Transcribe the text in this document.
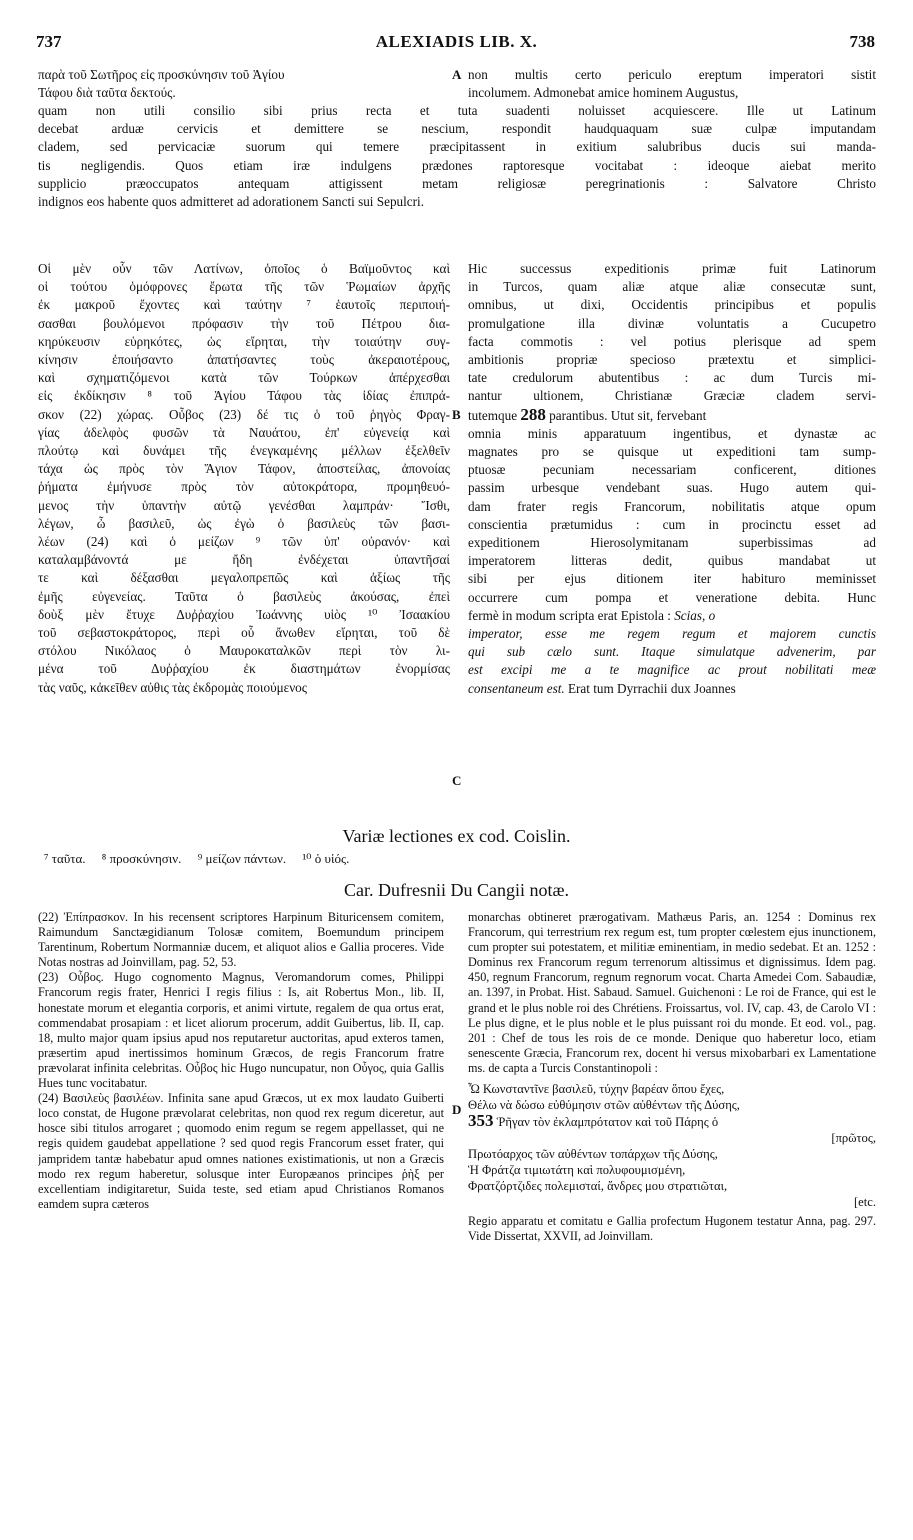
737	ALEXIADIS LIB. X.	738
παρὰ τοῦ Σωτῆρος εἰς προσκύνησιν τοῦ Ἁγίου
Τάφου διὰ ταῦτα δεκτούς.
A non multis certo periculo ereptum imperatori sistit
incolumem. Admonebat amice hominem Augustus,
quam non utili consilio sibi prius recta et tuta suadenti noluisset acquiescere. Ille ut Latinum
decebat arduæ cervicis et demittere se nescium, respondit haudquaquam suæ culpæ imputandam
cladem, sed pervicaciæ suorum qui temere præcipitassent in exitium salubribus ducis sui manda-
tis negligendis. Quos etiam iræ indulgens prædones raptoresque vocitabat : ideoque aiebat merito
supplicio præoccupatos antequam attigissent metam religiosæ peregrinationis : Salvatore Christo
indignos eos habente quos admitteret ad adorationem Sancti sui Sepulcri.
Οἱ μὲν οὖν τῶν Λατίνων, ὁποῖος ὁ Βαϊμοῦντος καὶ
οἱ τούτου ὁμόφρονες ἔρωτα τῆς τῶν Ῥωμαίων ἀρχῆς
ἐκ μακροῦ ἔχοντες καὶ ταύτην ⁷ ἑαυτοῖς περιποιή-
σασθαι βουλόμενοι πρόφασιν τὴν τοῦ Πέτρου δια-
κηρύκευσιν εὑρηκότες, ὡς εἴρηται, τὴν τοιαύτην συγ-
κίνησιν ἐποιήσαντο ἀπατήσαντες τοὺς ἀκεραιοτέρους,
καὶ σχηματιζόμενοι κατὰ τῶν Τούρκων ἀπέρχεσθαι
εἰς ἐκδίκησιν ⁸ τοῦ Ἁγίου Τάφου τὰς ἰδίας ἐπιπρά-
σκον (22) χώρας. Οὖβος (23) δέ τις ὁ τοῦ ῥηγὸς Φραγ-
γίας ἀδελφὸς φυσῶν τὰ Ναυάτου, ἐπ' εὐγενείᾳ καὶ
πλούτῳ καὶ δυνάμει τῆς ἐνεγκαμένης μέλλων ἐξελθεῖν
τάχα ὡς πρὸς τὸν Ἅγιον Τάφον, ἀποστείλας, ἀπονοίας
ῥήματα ἐμήνυσε πρὸς τὸν αὐτοκράτορα, προμηθευό-
μενος τὴν ὑπαντὴν αὐτῷ γενέσθαι λαμπράν· Ἴσθι,
λέγων, ὦ βασιλεῦ, ὡς ἐγὼ ὁ βασιλεὺς τῶν βασι-
λέων (24) καὶ ὁ μείζων ⁹ τῶν ὑπ' οὐρανόν· καὶ
καταλαμβάνοντά με ἤδη ἐνδέχεται ὑπαντῆσαί
τε καὶ δέξασθαι μεγαλοπρεπῶς καὶ ἀξίως τῆς
ἐμῆς εὐγενείας. Ταῦτα ὁ βασιλεὺς ἀκούσας, ἐπεὶ
δοὺξ μὲν ἔτυχε Δυῤῥαχίου Ἰωάννης υἱὸς ¹⁰ Ἰσαακίου
τοῦ σεβαστοκράτορος, περὶ οὗ ἄνωθεν εἴρηται, τοῦ δὲ
στόλου Νικόλαος ὁ Μαυροκαταλκῶν περὶ τὸν λι-
μένα τοῦ Δυῤῥαχίου ἐκ διαστημάτων ἐνορμίσας
τὰς ναῦς, κἀκεῖθεν αὐθις τὰς ἐκδρομὰς ποιούμενος
B
C
Hic successus expeditionis primæ fuit Latinorum
in Turcos, quam aliæ atque aliæ consecutæ sunt,
omnibus, ut dixi, Occidentis principibus et populis
promulgatione illa divinæ voluntatis a Cucupetro
facta commotis : vel potius plerisque ad spem
ambitionis propriæ specioso prætextu et simplici-
tate credulorum abutentibus : ac dum Turcis mi-
nantur ultionem, Christianæ Græciæ cladem servi-
tutemque 288 parantibus. Utut sit, fervebant
omnia minis apparatuum ingentibus, et dynastæ ac
magnates pro se quisque ut expeditioni tam sump-
ptuosæ pecuniam necessariam conficerent, ditiones
passim urbesque vendebant suas. Hugo autem qui-
dam frater regis Francorum, nobilitatis atque opum
conscientia prætumidus : cum in procinctu esset ad
expeditionem Hierosolymitanam superbissimas ad
imperatorem litteras dedit, quibus mandabat ut
sibi per ejus ditionem iter habituro meminisset
occurrere cum pompa et veneratione debita. Hunc
fermè in modum scripta erat Epistola : Scias, o
imperator, esse me regem regum et majorem cunctis
qui sub cælo sunt. Itaque simulatque advenerim, par
est excipi me a te magnifice ac prout nobilitati meæ
consentaneum est. Erat tum Dyrrachii dux Joannes
Variæ lectiones ex cod. Coislin.
⁷ ταῦτα. ⁸ προσκύνησιν. ⁹ μείζων πάντων. ¹⁰ ὁ υἱός.
Car. Dufresnii Du Cangii notæ.

(22) Ἐπίπρασκον. In his recensent scriptores Harpinum Bituricensem comitem, Raimundum Sanctægidianum Tolosæ comitem, Boemundum principem Tarentinum, Robertum Normanniæ ducem, et aliquot alios e Gallia proceres. Vide Notas nostras ad Joinvillam, pag. 52, 53.

(23) Οὖβος. Hugo cognomento Magnus, Veromandorum comes, Philippi Francorum regis frater, Henrici I regis filius : Is, ait Robertus Mon., lib. II, honestate morum et elegantia corporis, et animi virtute, regalem de qua ortus erat, commendabat prosapiam : et licet aliorum procerum, addit Guibertus, lib. II, cap. 18, multo major quam ipsius apud nos reputaretur auctoritas, apud exteros tamen, præsertim apud inertissimos hominum Græcos, de regis Francorum fratre prævolarat infinita celebritas. Οὖβος hic Hugo nuncupatur, non Οὖγος, quia Gallis Hues tunc vocitabatur.

(24) Βασιλεὺς βασιλέων. Infinita sane apud Græcos, ut ex mox laudato Guiberti loco constat, de Hugone prævolarat celebritas, non quod rex regum diceretur, aut hosce sibi titulos arrogaret ; quomodo enim regum se regem appellasset, qui ne regis quidem gaudebat appellatione ? sed quod regis Francorum esset frater, qui jampridem tantæ habebatur apud omnes nationes existimationis, ut non a Græcis modo rex regum haberetur, solusque inter Europæanos principes ῥὴξ per excellentiam indigitaretur, Suida teste, sed etiam apud Christianos Romanos eamdem supra cæteros

D

monarchas obtineret prærogativam. Mathæus Paris, an. 1254 : Dominus rex Francorum, qui terrestrium rex regum est, tum propter cœlestem ejus inunctionem, cum propter sui potestatem, et militiæ eminentiam, in medio sedebat. Et an. 1252 : Dominus rex Francorum regum terrenorum altissimus et dignissimus. Idem pag. 450, regnum Francorum, regnum regnorum vocat. Charta Amedei Com. Sabaudiæ, an. 1397, in Probat. Hist. Sabaud. Samuel. Guichenoni : Le roi de France, qui est le grand et le plus noble roi des Chrétiens. Froissartus, vol. IV, cap. 43, de Carolo VI : Le plus digne, et le plus noble et le plus puissant roi du monde. Et eod. vol., pag. 201 : Chef de tous les rois de ce monde. Denique quo haberetur loco, etiam senescente Græcia, Francorum rex, docent hi versus mixobarbari ex Lamentatione ms. de capta a Turcis Constantinopoli :

Ὦ Κωνσταντῖνε βασιλεῦ, τύχην βαρέαν ὅπου ἔχες,
Θέλω νὰ δώσω εὐθύμησιν στῶν αὐθέντων τῆς Δύσης,
353 Ῥῆγαν τὸν ἐκλαμπρότατον καὶ τοῦ Πάρης ὁ
[πρῶτος,
Πρωτόαρχος τῶν αὐθέντων τοπάρχων τῆς Δύσης,
Ἡ Φράτζα τιμιωτάτη καὶ πολυφουμισμένη,
Φρατζόρτζιδες πολεμισταί, ἄνδρες μου στρατιῶται,
[etc.

Regio apparatu et comitatu e Gallia profectum Hugonem testatur Anna, pag. 297. Vide Dissertat, XXVII, ad Joinvillam.
